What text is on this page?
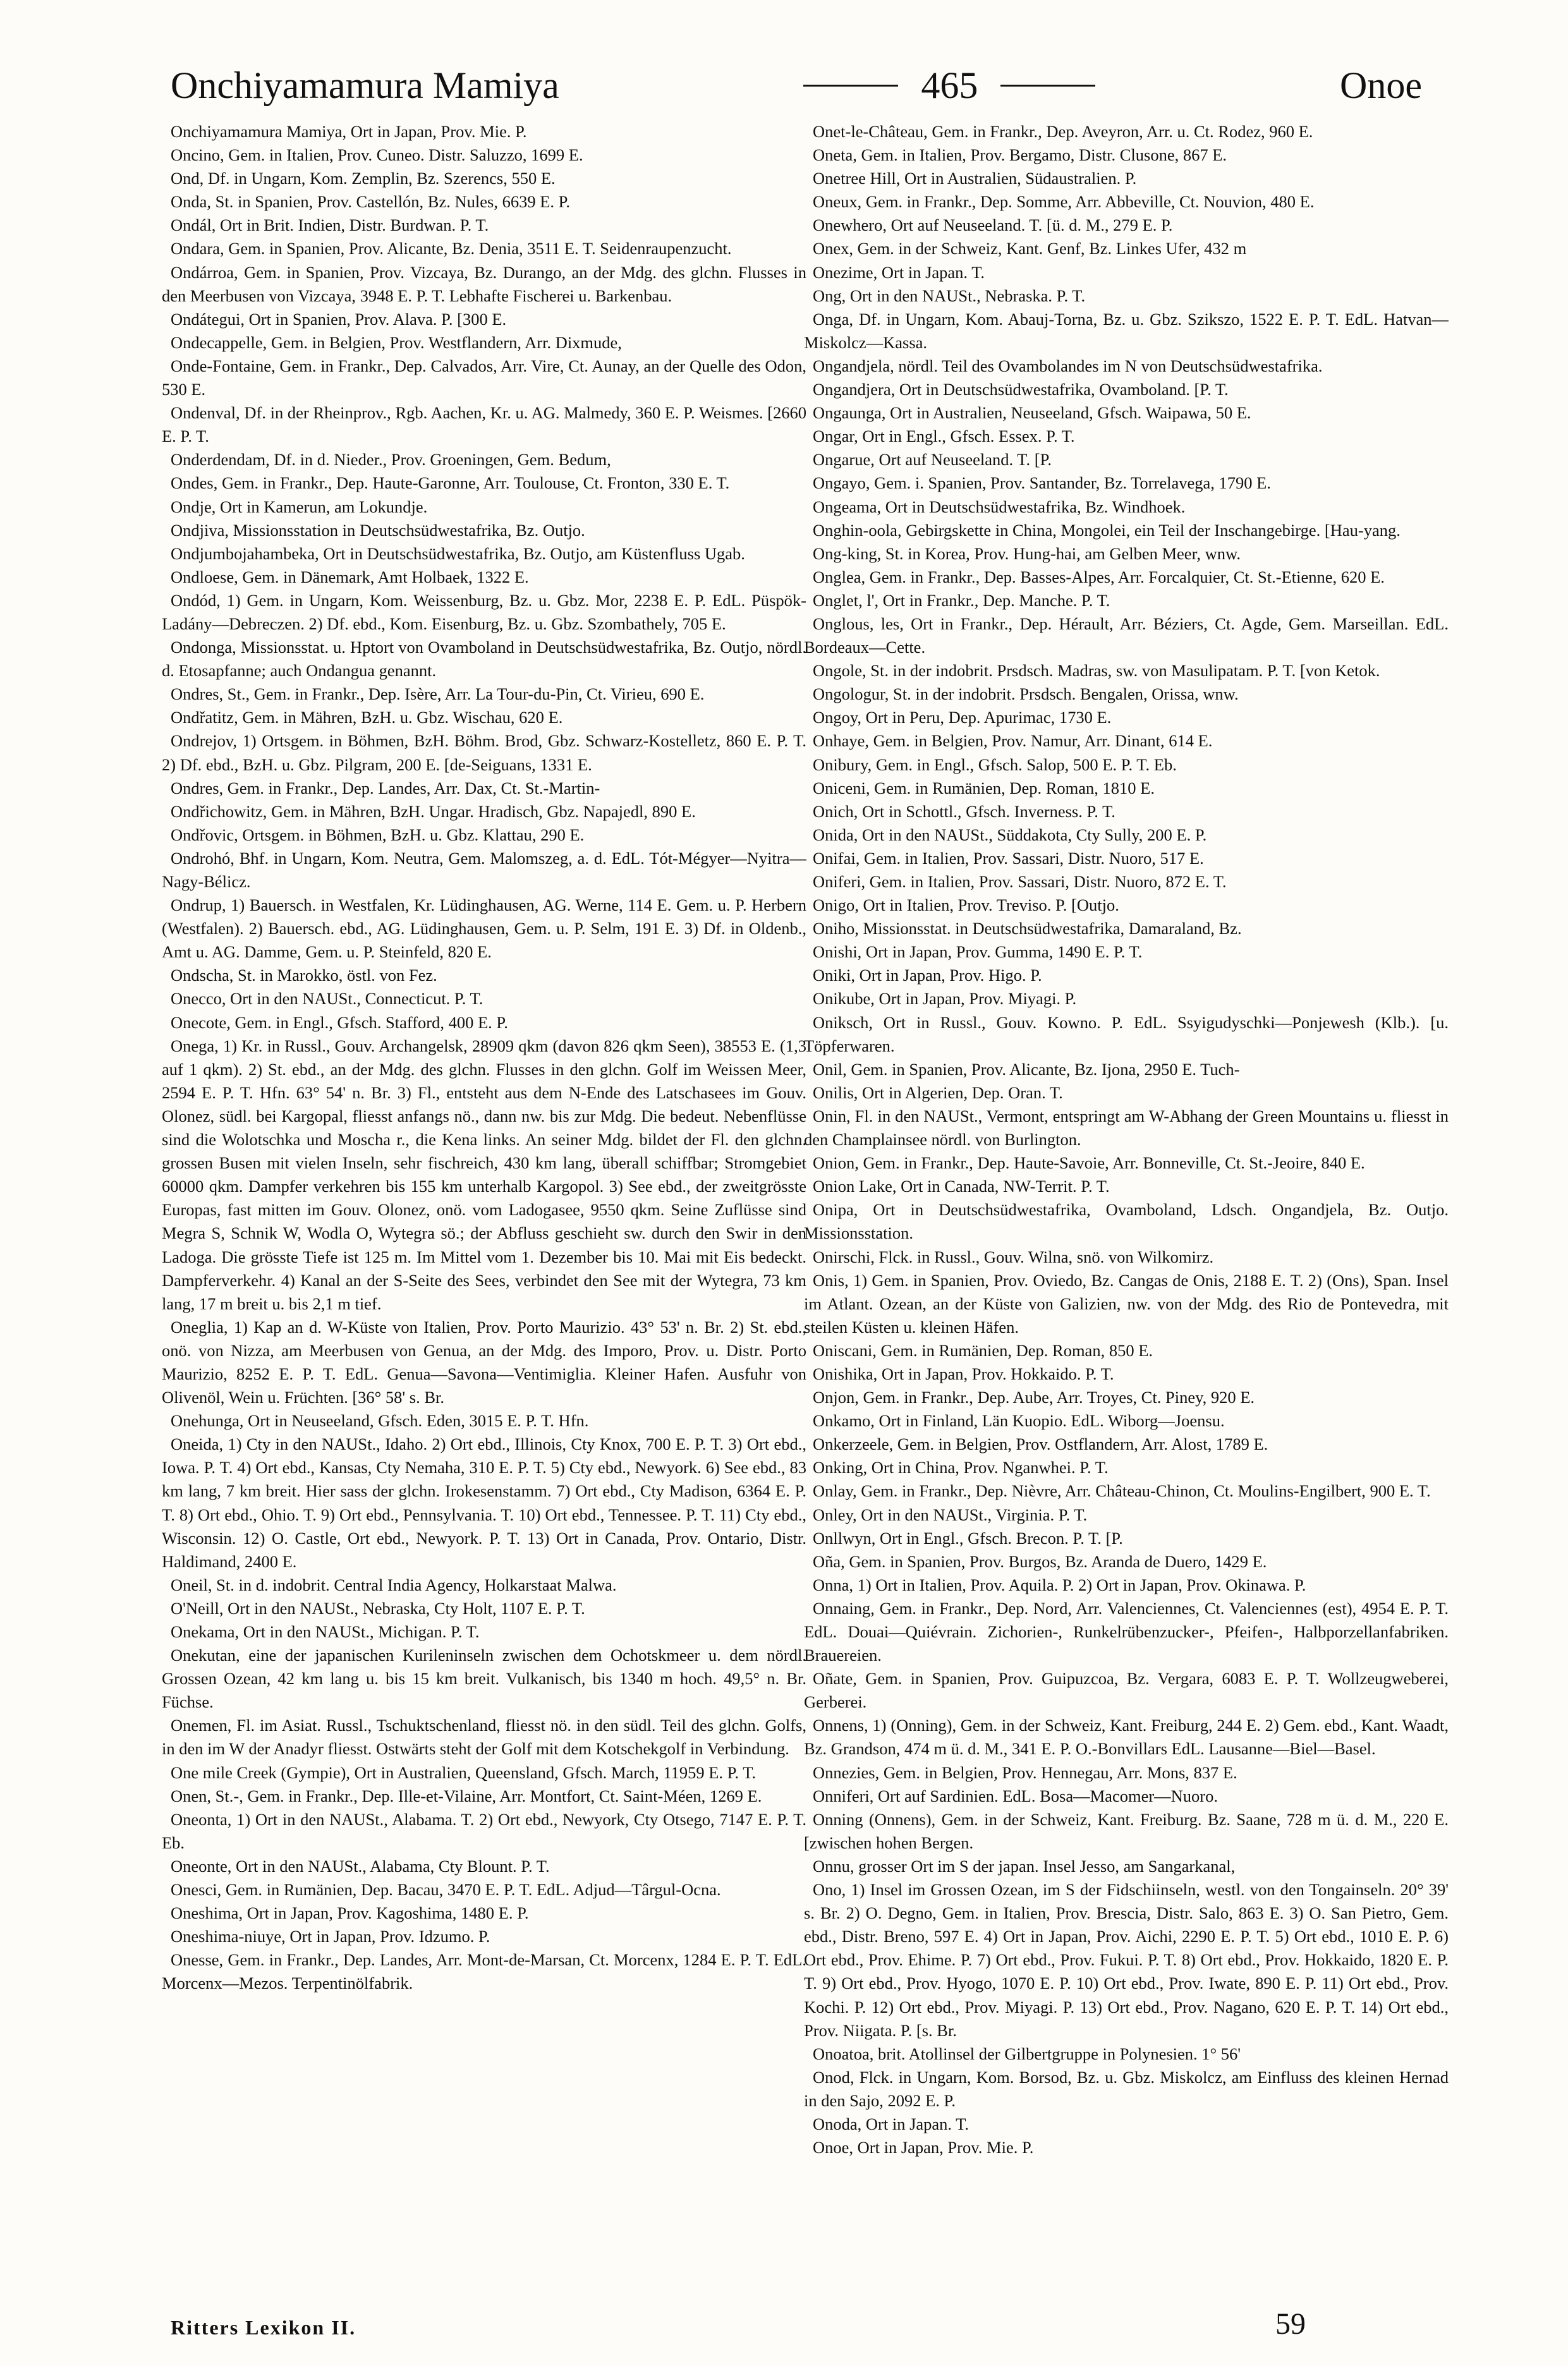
Onchiyamamura Mamiya	465	Onoe

Onchiyamamura Mamiya, Ort in Japan, Prov. Mie. P.

Oncino, Gem. in Italien, Prov. Cuneo. Distr. Saluzzo, 1699 E.

Ond, Df. in Ungarn, Kom. Zemplin, Bz. Szerencs, 550 E.

Onda, St. in Spanien, Prov. Castellón, Bz. Nules, 6639 E. P.

Ondál, Ort in Brit. Indien, Distr. Burdwan. P. T.

Ondara, Gem. in Spanien, Prov. Alicante, Bz. Denia, 3511 E. T. Seidenraupenzucht.

Ondárroa, Gem. in Spanien, Prov. Vizcaya, Bz. Durango, an der Mdg. des glchn. Flusses in den Meerbusen von Vizcaya, 3948 E. P. T. Lebhafte Fischerei u. Barkenbau.

Ondátegui, Ort in Spanien, Prov. Alava. P. [300 E.

Ondecappelle, Gem. in Belgien, Prov. Westflandern, Arr. Dixmude,

Onde-Fontaine, Gem. in Frankr., Dep. Calvados, Arr. Vire, Ct. Aunay, an der Quelle des Odon, 530 E.

Ondenval, Df. in der Rheinprov., Rgb. Aachen, Kr. u. AG. Malmedy, 360 E. P. Weismes. [2660 E. P. T.

Onderdendam, Df. in d. Nieder., Prov. Groeningen, Gem. Bedum,

Ondes, Gem. in Frankr., Dep. Haute-Garonne, Arr. Toulouse, Ct. Fronton, 330 E. T.

Ondje, Ort in Kamerun, am Lokundje.

Ondjiva, Missionsstation in Deutschsüdwestafrika, Bz. Outjo.

Ondjumbojahambeka, Ort in Deutschsüdwestafrika, Bz. Outjo, am Küstenfluss Ugab.

Ondloese, Gem. in Dänemark, Amt Holbaek, 1322 E.

Ondód, 1) Gem. in Ungarn, Kom. Weissenburg, Bz. u. Gbz. Mor, 2238 E. P. EdL. Püspök-Ladány—Debreczen. 2) Df. ebd., Kom. Eisenburg, Bz. u. Gbz. Szombathely, 705 E.

Ondonga, Missionsstat. u. Hptort von Ovamboland in Deutschsüdwestafrika, Bz. Outjo, nördl. d. Etosapfanne; auch Ondangua genannt.

Ondres, St., Gem. in Frankr., Dep. Isère, Arr. La Tour-du-Pin, Ct. Virieu, 690 E.

Ondřatitz, Gem. in Mähren, BzH. u. Gbz. Wischau, 620 E.

Ondrejov, 1) Ortsgem. in Böhmen, BzH. Böhm. Brod, Gbz. Schwarz-Kostelletz, 860 E. P. T. 2) Df. ebd., BzH. u. Gbz. Pilgram, 200 E. [de-Seiguans, 1331 E.

Ondres, Gem. in Frankr., Dep. Landes, Arr. Dax, Ct. St.-Martin-

Ondřichowitz, Gem. in Mähren, BzH. Ungar. Hradisch, Gbz. Napajedl, 890 E.

Ondřovic, Ortsgem. in Böhmen, BzH. u. Gbz. Klattau, 290 E.

Ondrohó, Bhf. in Ungarn, Kom. Neutra, Gem. Malomszeg, a. d. EdL. Tót-Mégyer—Nyitra—Nagy-Bélicz.

Ondrup, 1) Bauersch. in Westfalen, Kr. Lüdinghausen, AG. Werne, 114 E. Gem. u. P. Herbern (Westfalen). 2) Bauersch. ebd., AG. Lüdinghausen, Gem. u. P. Selm, 191 E. 3) Df. in Oldenb., Amt u. AG. Damme, Gem. u. P. Steinfeld, 820 E.

Ondscha, St. in Marokko, östl. von Fez.

Onecco, Ort in den NAUSt., Connecticut. P. T.

Onecote, Gem. in Engl., Gfsch. Stafford, 400 E. P.

Onega, 1) Kr. in Russl., Gouv. Archangelsk, 28909 qkm (davon 826 qkm Seen), 38553 E. (1,3 auf 1 qkm). 2) St. ebd., an der Mdg. des glchn. Flusses in den glchn. Golf im Weissen Meer, 2594 E. P. T. Hfn. 63° 54' n. Br. 3) Fl., entsteht aus dem N-Ende des Latschasees im Gouv. Olonez, südl. bei Kargopal, fliesst anfangs nö., dann nw. bis zur Mdg. Die bedeut. Nebenflüsse sind die Wolotschka und Moscha r., die Kena links. An seiner Mdg. bildet der Fl. den glchn. grossen Busen mit vielen Inseln, sehr fischreich, 430 km lang, überall schiffbar; Stromgebiet 60000 qkm. Dampfer verkehren bis 155 km unterhalb Kargopol. 3) See ebd., der zweitgrösste Europas, fast mitten im Gouv. Olonez, onö. vom Ladogasee, 9550 qkm. Seine Zuflüsse sind Megra S, Schnik W, Wodla O, Wytegra sö.; der Abfluss geschieht sw. durch den Swir in den Ladoga. Die grösste Tiefe ist 125 m. Im Mittel vom 1. Dezember bis 10. Mai mit Eis bedeckt. Dampferverkehr. 4) Kanal an der S-Seite des Sees, verbindet den See mit der Wytegra, 73 km lang, 17 m breit u. bis 2,1 m tief.

Oneglia, 1) Kap an d. W-Küste von Italien, Prov. Porto Maurizio. 43° 53' n. Br. 2) St. ebd., onö. von Nizza, am Meerbusen von Genua, an der Mdg. des Imporo, Prov. u. Distr. Porto Maurizio, 8252 E. P. T. EdL. Genua—Savona—Ventimiglia. Kleiner Hafen. Ausfuhr von Olivenöl, Wein u. Früchten. [36° 58' s. Br.

Onehunga, Ort in Neuseeland, Gfsch. Eden, 3015 E. P. T. Hfn.

Oneida, 1) Cty in den NAUSt., Idaho. 2) Ort ebd., Illinois, Cty Knox, 700 E. P. T. 3) Ort ebd., Iowa. P. T. 4) Ort ebd., Kansas, Cty Nemaha, 310 E. P. T. 5) Cty ebd., Newyork. 6) See ebd., 83 km lang, 7 km breit. Hier sass der glchn. Irokesenstamm. 7) Ort ebd., Cty Madison, 6364 E. P. T. 8) Ort ebd., Ohio. T. 9) Ort ebd., Pennsylvania. T. 10) Ort ebd., Tennessee. P. T. 11) Cty ebd., Wisconsin. 12) O. Castle, Ort ebd., Newyork. P. T. 13) Ort in Canada, Prov. Ontario, Distr. Haldimand, 2400 E.

Oneil, St. in d. indobrit. Central India Agency, Holkarstaat Malwa.

O'Neill, Ort in den NAUSt., Nebraska, Cty Holt, 1107 E. P. T.

Onekama, Ort in den NAUSt., Michigan. P. T.

Onekutan, eine der japanischen Kurileninseln zwischen dem Ochotskmeer u. dem nördl. Grossen Ozean, 42 km lang u. bis 15 km breit. Vulkanisch, bis 1340 m hoch. 49,5° n. Br. Füchse.

Onemen, Fl. im Asiat. Russl., Tschuktschenland, fliesst nö. in den südl. Teil des glchn. Golfs, in den im W der Anadyr fliesst. Ostwärts steht der Golf mit dem Kotschekgolf in Verbindung.

One mile Creek (Gympie), Ort in Australien, Queensland, Gfsch. March, 11959 E. P. T.

Onen, St.-, Gem. in Frankr., Dep. Ille-et-Vilaine, Arr. Montfort, Ct. Saint-Méen, 1269 E.

Oneonta, 1) Ort in den NAUSt., Alabama. T. 2) Ort ebd., Newyork, Cty Otsego, 7147 E. P. T. Eb.

Oneonte, Ort in den NAUSt., Alabama, Cty Blount. P. T.

Onesci, Gem. in Rumänien, Dep. Bacau, 3470 E. P. T. EdL. Adjud—Târgul-Ocna.

Oneshima, Ort in Japan, Prov. Kagoshima, 1480 E. P.

Oneshima-niuye, Ort in Japan, Prov. Idzumo. P.

Onesse, Gem. in Frankr., Dep. Landes, Arr. Mont-de-Marsan, Ct. Morcenx, 1284 E. P. T. EdL. Morcenx—Mezos. Terpentinölfabrik.

Onet-le-Château, Gem. in Frankr., Dep. Aveyron, Arr. u. Ct. Rodez, 960 E.

Oneta, Gem. in Italien, Prov. Bergamo, Distr. Clusone, 867 E.

Onetree Hill, Ort in Australien, Südaustralien. P.

Oneux, Gem. in Frankr., Dep. Somme, Arr. Abbeville, Ct. Nouvion, 480 E.

Onewhero, Ort auf Neuseeland. T. [ü. d. M., 279 E. P.

Onex, Gem. in der Schweiz, Kant. Genf, Bz. Linkes Ufer, 432 m

Onezime, Ort in Japan. T.

Ong, Ort in den NAUSt., Nebraska. P. T.

Onga, Df. in Ungarn, Kom. Abauj-Torna, Bz. u. Gbz. Szikszo, 1522 E. P. T. EdL. Hatvan—Miskolcz—Kassa.

Ongandjela, nördl. Teil des Ovambolandes im N von Deutschsüdwestafrika.

Ongandjera, Ort in Deutschsüdwestafrika, Ovamboland. [P. T.

Ongaunga, Ort in Australien, Neuseeland, Gfsch. Waipawa, 50 E.

Ongar, Ort in Engl., Gfsch. Essex. P. T.

Ongarue, Ort auf Neuseeland. T. [P.

Ongayo, Gem. i. Spanien, Prov. Santander, Bz. Torrelavega, 1790 E.

Ongeama, Ort in Deutschsüdwestafrika, Bz. Windhoek.

Onghin-oola, Gebirgskette in China, Mongolei, ein Teil der Inschangebirge. [Hau-yang.

Ong-king, St. in Korea, Prov. Hung-hai, am Gelben Meer, wnw.

Onglea, Gem. in Frankr., Dep. Basses-Alpes, Arr. Forcalquier, Ct. St.-Etienne, 620 E.

Onglet, l', Ort in Frankr., Dep. Manche. P. T.

Onglous, les, Ort in Frankr., Dep. Hérault, Arr. Béziers, Ct. Agde, Gem. Marseillan. EdL. Bordeaux—Cette.

Ongole, St. in der indobrit. Prsdsch. Madras, sw. von Masulipatam. P. T. [von Ketok.

Ongologur, St. in der indobrit. Prsdsch. Bengalen, Orissa, wnw.

Ongoy, Ort in Peru, Dep. Apurimac, 1730 E.

Onhaye, Gem. in Belgien, Prov. Namur, Arr. Dinant, 614 E.

Onibury, Gem. in Engl., Gfsch. Salop, 500 E. P. T. Eb.

Oniceni, Gem. in Rumänien, Dep. Roman, 1810 E.

Onich, Ort in Schottl., Gfsch. Inverness. P. T.

Onida, Ort in den NAUSt., Süddakota, Cty Sully, 200 E. P.

Onifai, Gem. in Italien, Prov. Sassari, Distr. Nuoro, 517 E.

Oniferi, Gem. in Italien, Prov. Sassari, Distr. Nuoro, 872 E. T.

Onigo, Ort in Italien, Prov. Treviso. P. [Outjo.

Oniho, Missionsstat. in Deutschsüdwestafrika, Damaraland, Bz.

Onishi, Ort in Japan, Prov. Gumma, 1490 E. P. T.

Oniki, Ort in Japan, Prov. Higo. P.

Onikube, Ort in Japan, Prov. Miyagi. P.

Oniksch, Ort in Russl., Gouv. Kowno. P. EdL. Ssyigudyschki—Ponjewesh (Klb.). [u. Töpferwaren.

Onil, Gem. in Spanien, Prov. Alicante, Bz. Ijona, 2950 E. Tuch-

Onilis, Ort in Algerien, Dep. Oran. T.

Onin, Fl. in den NAUSt., Vermont, entspringt am W-Abhang der Green Mountains u. fliesst in den Champlainsee nördl. von Burlington.

Onion, Gem. in Frankr., Dep. Haute-Savoie, Arr. Bonneville, Ct. St.-Jeoire, 840 E.

Onion Lake, Ort in Canada, NW-Territ. P. T.

Onipa, Ort in Deutschsüdwestafrika, Ovamboland, Ldsch. Ongandjela, Bz. Outjo. Missionsstation.

Onirschi, Flck. in Russl., Gouv. Wilna, snö. von Wilkomirz.

Onis, 1) Gem. in Spanien, Prov. Oviedo, Bz. Cangas de Onis, 2188 E. T. 2) (Ons), Span. Insel im Atlant. Ozean, an der Küste von Galizien, nw. von der Mdg. des Rio de Pontevedra, mit steilen Küsten u. kleinen Häfen.

Oniscani, Gem. in Rumänien, Dep. Roman, 850 E.

Onishika, Ort in Japan, Prov. Hokkaido. P. T.

Onjon, Gem. in Frankr., Dep. Aube, Arr. Troyes, Ct. Piney, 920 E.

Onkamo, Ort in Finland, Län Kuopio. EdL. Wiborg—Joensu.

Onkerzeele, Gem. in Belgien, Prov. Ostflandern, Arr. Alost, 1789 E.

Onking, Ort in China, Prov. Nganwhei. P. T.

Onlay, Gem. in Frankr., Dep. Nièvre, Arr. Château-Chinon, Ct. Moulins-Engilbert, 900 E. T.

Onley, Ort in den NAUSt., Virginia. P. T.

Onllwyn, Ort in Engl., Gfsch. Brecon. P. T. [P.

Oña, Gem. in Spanien, Prov. Burgos, Bz. Aranda de Duero, 1429 E.

Onna, 1) Ort in Italien, Prov. Aquila. P. 2) Ort in Japan, Prov. Okinawa. P.

Onnaing, Gem. in Frankr., Dep. Nord, Arr. Valenciennes, Ct. Valenciennes (est), 4954 E. P. T. EdL. Douai—Quiévrain. Zichorien-, Runkelrübenzucker-, Pfeifen-, Halbporzellanfabriken. Brauereien.

Oñate, Gem. in Spanien, Prov. Guipuzcoa, Bz. Vergara, 6083 E. P. T. Wollzeugweberei, Gerberei.

Onnens, 1) (Onning), Gem. in der Schweiz, Kant. Freiburg, 244 E. 2) Gem. ebd., Kant. Waadt, Bz. Grandson, 474 m ü. d. M., 341 E. P. O.-Bonvillars EdL. Lausanne—Biel—Basel.

Onnezies, Gem. in Belgien, Prov. Hennegau, Arr. Mons, 837 E.

Onniferi, Ort auf Sardinien. EdL. Bosa—Macomer—Nuoro.

Onning (Onnens), Gem. in der Schweiz, Kant. Freiburg. Bz. Saane, 728 m ü. d. M., 220 E. [zwischen hohen Bergen.

Onnu, grosser Ort im S der japan. Insel Jesso, am Sangarkanal,

Ono, 1) Insel im Grossen Ozean, im S der Fidschiinseln, westl. von den Tongainseln. 20° 39' s. Br. 2) O. Degno, Gem. in Italien, Prov. Brescia, Distr. Salo, 863 E. 3) O. San Pietro, Gem. ebd., Distr. Breno, 597 E. 4) Ort in Japan, Prov. Aichi, 2290 E. P. T. 5) Ort ebd., 1010 E. P. 6) Ort ebd., Prov. Ehime. P. 7) Ort ebd., Prov. Fukui. P. T. 8) Ort ebd., Prov. Hokkaido, 1820 E. P. T. 9) Ort ebd., Prov. Hyogo, 1070 E. P. 10) Ort ebd., Prov. Iwate, 890 E. P. 11) Ort ebd., Prov. Kochi. P. 12) Ort ebd., Prov. Miyagi. P. 13) Ort ebd., Prov. Nagano, 620 E. P. T. 14) Ort ebd., Prov. Niigata. P. [s. Br.

Onoatoa, brit. Atollinsel der Gilbertgruppe in Polynesien. 1° 56'

Onod, Flck. in Ungarn, Kom. Borsod, Bz. u. Gbz. Miskolcz, am Einfluss des kleinen Hernad in den Sajo, 2092 E. P.

Onoda, Ort in Japan. T.

Onoe, Ort in Japan, Prov. Mie. P.

Ritters Lexikon II.	59
